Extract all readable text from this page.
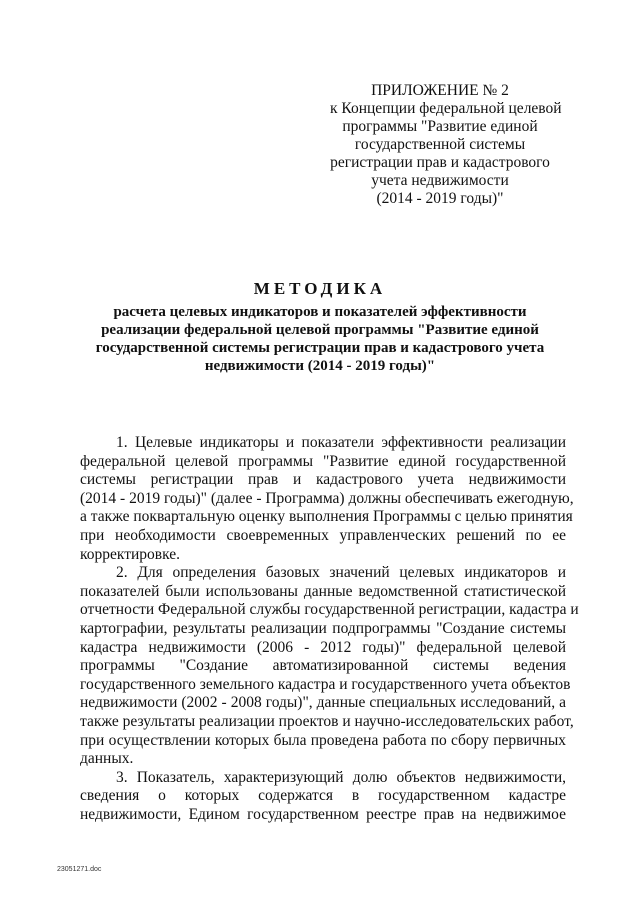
ПРИЛОЖЕНИЕ № 2
к Концепции федеральной целевой
программы "Развитие единой
государственной системы
регистрации прав и кадастрового
учета недвижимости
(2014 - 2019 годы)"
МЕТОДИКА
расчета целевых индикаторов и показателей эффективности
реализации федеральной целевой программы "Развитие единой
государственной системы регистрации прав и кадастрового учета
недвижимости (2014 - 2019 годы)"

1. Целевые индикаторы и показатели эффективности реализации
федеральной целевой программы "Развитие единой государственной
системы регистрации прав и кадастрового учета недвижимости
(2014 - 2019 годы)" (далее - Программа) должны обеспечивать ежегодную,
а также поквартальную оценку выполнения Программы с целью принятия
при необходимости своевременных управленческих решений по ее
корректировке.

2. Для определения базовых значений целевых индикаторов и
показателей были использованы данные ведомственной статистической
отчетности Федеральной службы государственной регистрации, кадастра и
картографии, результаты реализации подпрограммы "Создание системы
кадастра недвижимости (2006 - 2012 годы)" федеральной целевой
программы "Создание автоматизированной системы ведения
государственного земельного кадастра и государственного учета объектов
недвижимости (2002 - 2008 годы)", данные специальных исследований, а
также результаты реализации проектов и научно-исследовательских работ,
при осуществлении которых была проведена работа по сбору первичных
данных.

3. Показатель, характеризующий долю объектов недвижимости,
сведения о которых содержатся в государственном кадастре
недвижимости, Едином государственном реестре прав на недвижимое

23051271.doc
